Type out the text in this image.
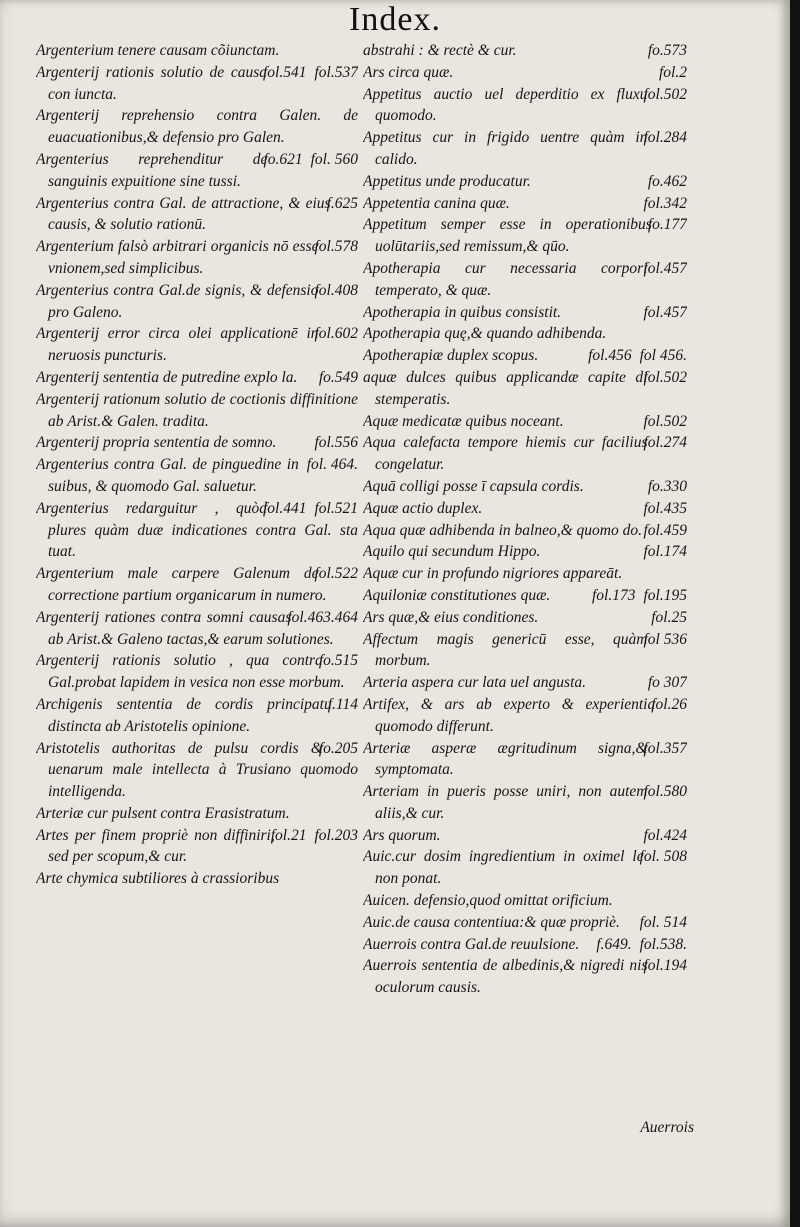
Index.

Argenterium tenere causam cõiunctam.

fol.537

fol.541
Argenterij rationis solutio de causa con iuncta.

Argenterij reprehensio contra Galen. de euacuationibus,& defensio pro Galen.

fol. 560

fo.621
Argenterius reprehenditur de sanguinis expuitione sine tussi.

f.625
Argenterius contra Gal. de attractione, & eius causis, & solutio rationū.

fol.578
Argenterium falsò arbitrari organicis nō esse vnionem,sed simplicibus.

fol.408
Argenterius contra Gal.de signis, & defensio pro Galeno.

fol.602
Argenterij error circa olei applicationē in neruosis puncturis.

fo.549
Argenterij sententia de putredine explo la.

Argenterij rationum solutio de coctionis diffinitione ab Arist.& Galen. tradita.

fol.556

Argenterij propria sententia de somno.

fol. 464.

Argenterius contra Gal. de pinguedine in suibus, & quomodo Gal. saluetur.

fol.521

fol.441
Argenterius redarguitur , quòd plures quàm duæ indicationes contra Gal. sta tuat.

fol.522
Argenterium male carpere Galenum de correctione partium organicarum in numero.

fol.463.464
Argenterij rationes contra somni causas ab Arist.& Galeno tactas,& earum solutiones.

fo.515
Argenterij rationis solutio , qua contra Gal.probat lapidem in vesica non esse morbum.

f.114
Archigenis sententia de cordis principatu distincta ab Aristotelis opinione.

fo.205
Aristotelis authoritas de pulsu cordis & uenarum male intellecta à Trusiano quomodo intelligenda.

Arteriæ cur pulsent contra Erasistratum.

fol.203

fol.21
Artes per finem propriè non diffiniri, sed per scopum,& cur.

Arte chymica subtiliores à crassioribus

fo.573
abstrahi : & rectè & cur.

fol.2
Ars circa quæ.

fol.502
Appetitus auctio uel deperditio ex fluxu quomodo.

fol.284
Appetitus cur in frigido uentre quàm in calido.

fo.462
Appetitus unde producatur.

fol.342
Appetentia canina quæ.

fo.177
Appetitum semper esse in operationibus uolūtariis,sed remissum,& qūo.

fol.457
Apotherapia cur necessaria corpori temperato, & quæ.

fol.457
Apotherapia in quibus consistit.

Apotherapia quę,& quando adhibenda.

fol 456.

fol.456
Apotherapiæ duplex scopus.

fol.502
aquæ dulces quibus applicandæ capite di stemperatis.

fol.502
Aquæ medicatæ quibus noceant.

fol.274
Aqua calefacta tempore hiemis cur facilius congelatur.

fo.330
Aquā colligi posse ī capsula cordis.

fol.435
Aquæ actio duplex.

fol.459
Aqua quæ adhibenda in balneo,& quomo do.

fol.174
Aquilo qui secundum Hippo.

Aquæ cur in profundo nigriores appareāt.

fol.195

fol.173
Aquiloniæ constitutiones quæ.

fol.25
Ars quæ,& eius conditiones.

fol 536
Affectum magis genericū esse, quàm morbum.

fo 307
Arteria aspera cur lata uel angusta.

fol.26
Artifex, & ars ab experto & experientia quomodo differunt.

fol.357
Arteriæ asperæ ægritudinum signa,& symptomata.

fol.580
Arteriam in pueris posse uniri, non autem aliis,& cur.

fol.424
Ars quorum.

fol. 508
Auic.cur dosim ingredientium in oximel le non ponat.

Auicen. defensio,quod omittat orificium.

fol. 514

Auic.de causa contentiua:& quæ propriè.

fol.538.

f.649.
Auerrois contra Gal.de reuulsione.

fol.194
Auerrois sententia de albedinis,& nigredi nis oculorum causis.

Auerrois
